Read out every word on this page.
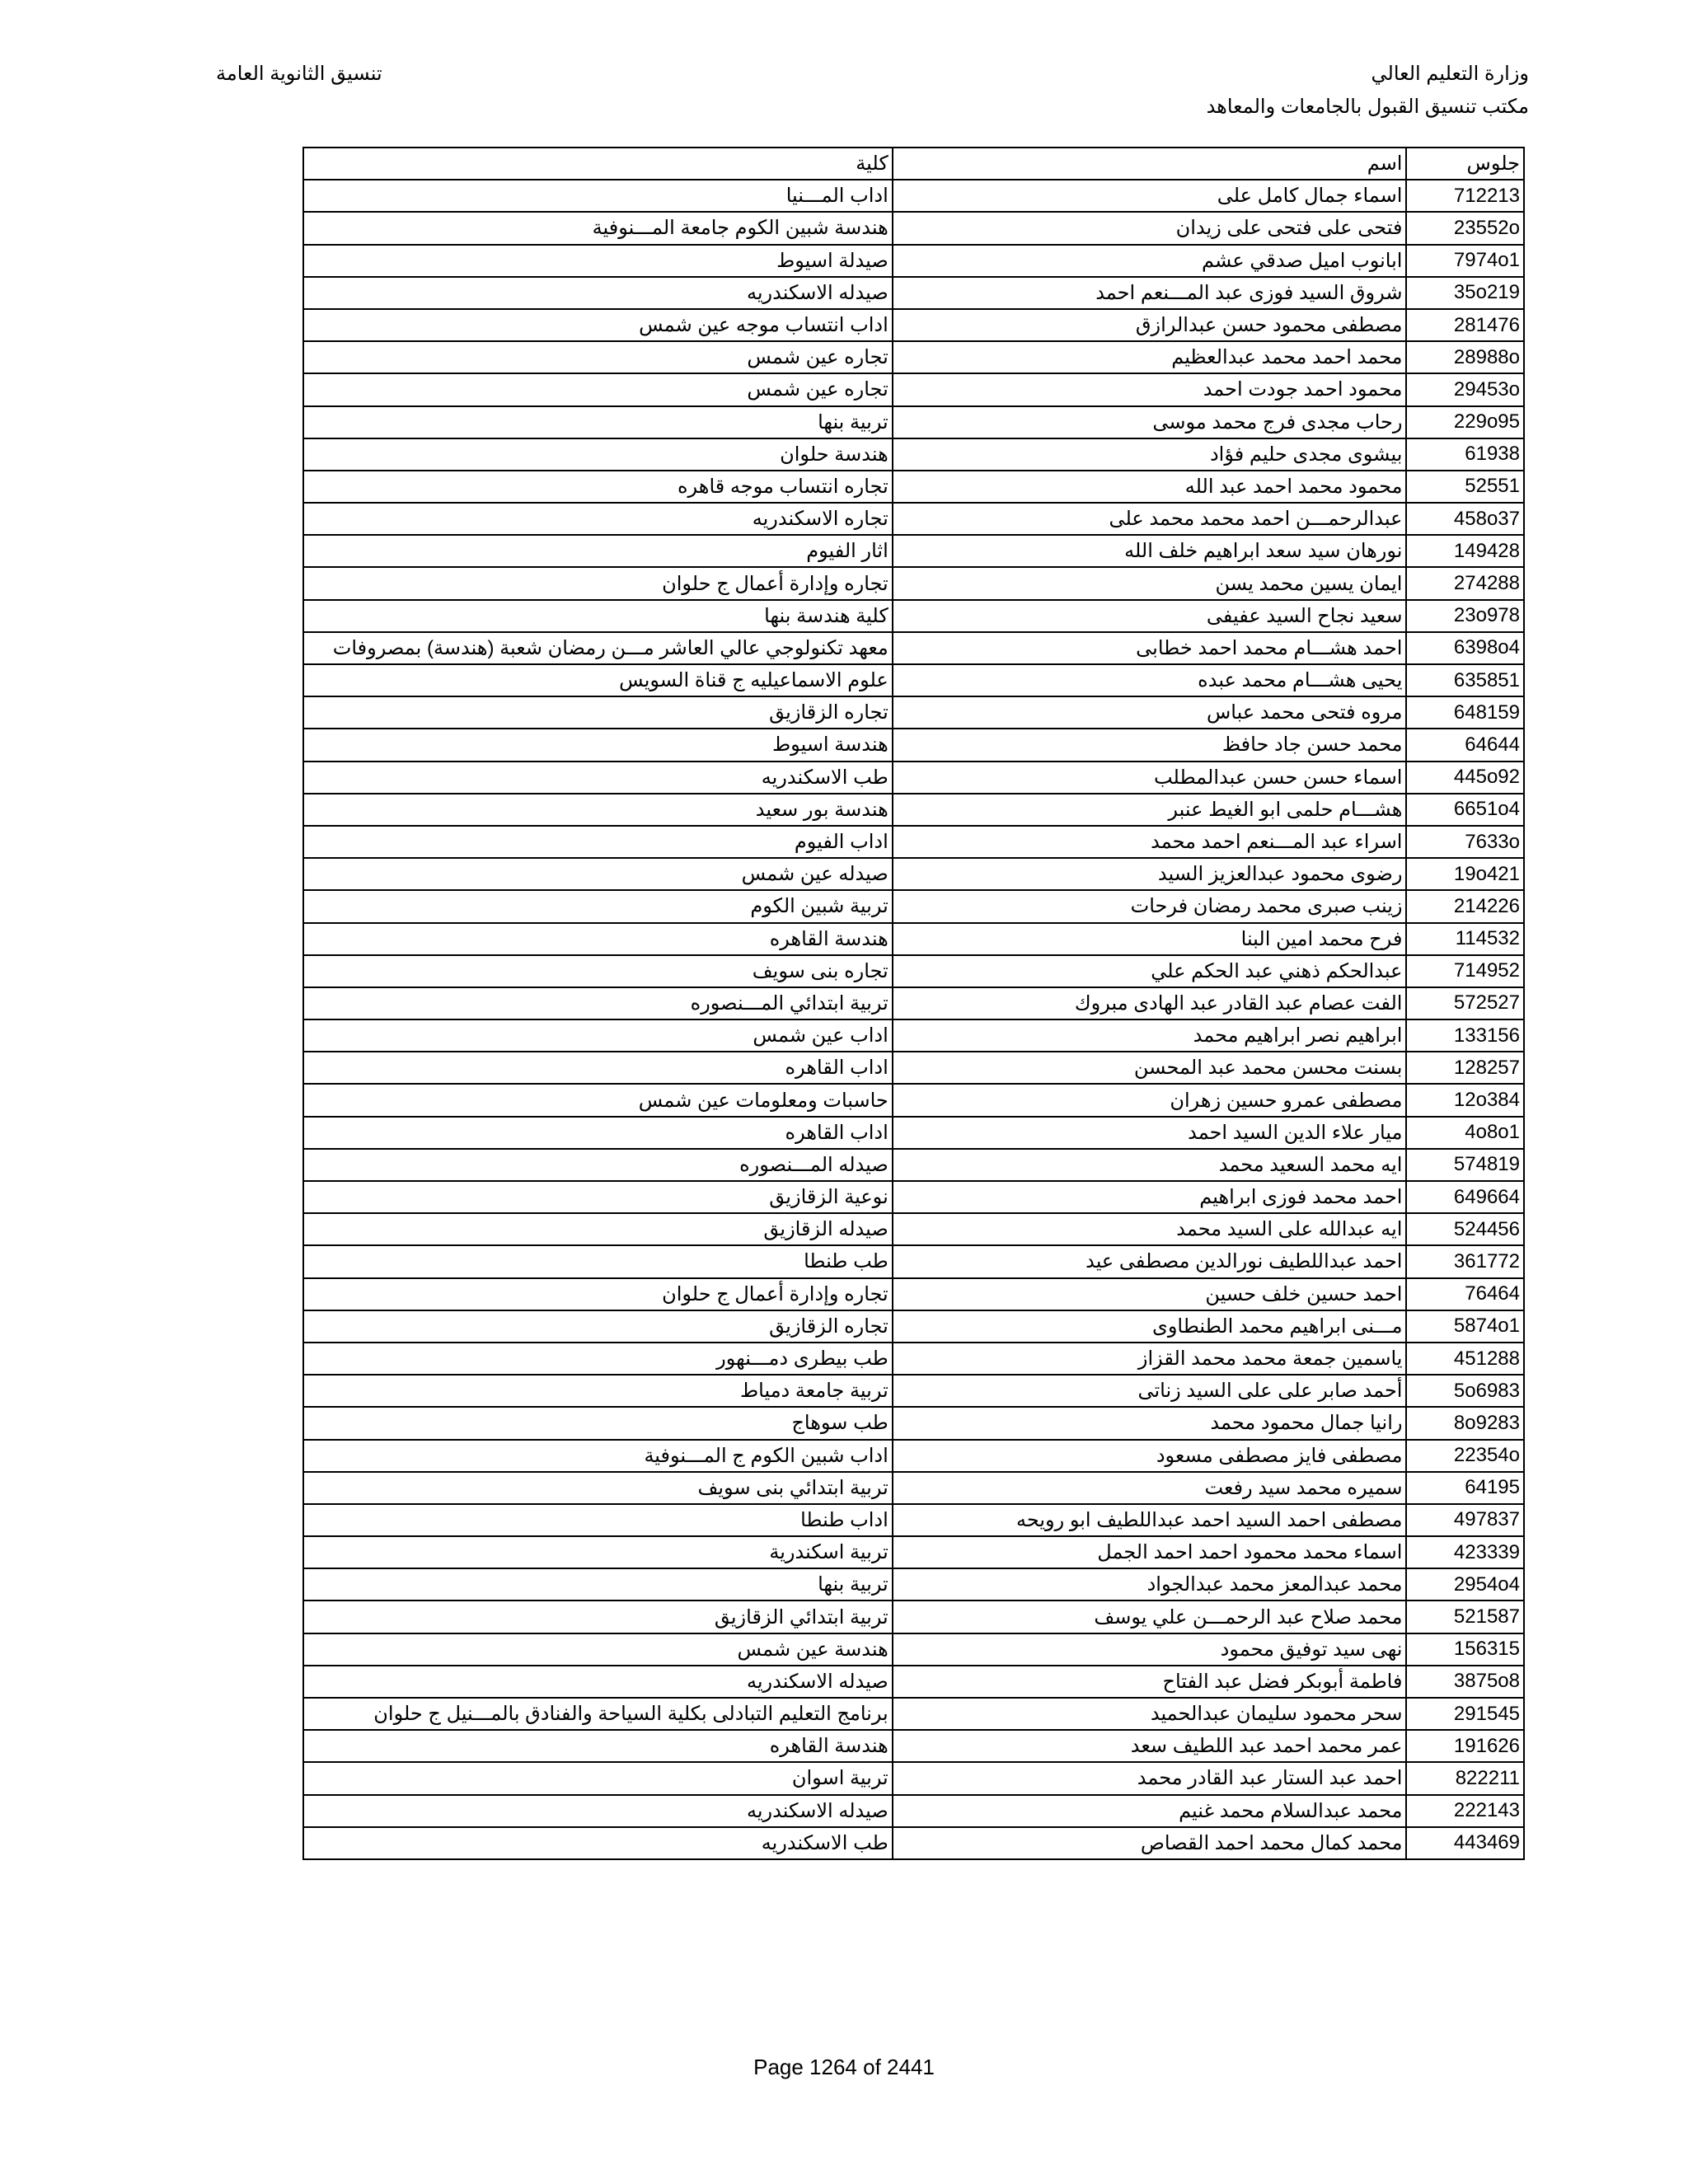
وزارة التعليم العالي
مكتب تنسيق القبول بالجامعات والمعاهد
تنسيق الثانوية العامة
جلوس	اسم	كلية
712213	اسماء جمال كامل على	اداب المـــنيا
23552o	فتحى على فتحى على زيدان	هندسة شبين الكوم جامعة المـــنوفية
7974o1	ابانوب اميل صدقي عشم	صيدلة اسيوط
35o219	شروق السيد فوزى عبد المـــنعم احمد	صيدله الاسكندريه
281476	مصطفى محمود حسن عبدالرازق	اداب انتساب موجه عين شمس
28988o	محمد احمد محمد عبدالعظيم	تجاره عين شمس
29453o	محمود احمد جودت احمد	تجاره عين شمس
229o95	رحاب مجدى فرج محمد موسى	تربية بنها
61938	بيشوى مجدى حليم فؤاد	هندسة حلوان
52551	محمود محمد احمد عبد الله	تجاره انتساب موجه قاهره
458o37	عبدالرحمـــن احمد محمد محمد على	تجاره الاسكندريه
149428	نورهان سيد سعد ابراهيم خلف الله	اثار الفيوم
274288	ايمان يسين محمد يسن	تجاره وإدارة أعمال ج حلوان
23o978	سعيد نجاح السيد عفيفى	كلية هندسة بنها
6398o4	احمد هشـــام محمد احمد خطابى	معهد تكنولوجي عالي العاشر مـــن رمضان شعبة (هندسة) بمصروفات
635851	يحيى هشـــام محمد عبده	علوم الاسماعيليه ج قناة السويس
648159	مروه فتحى محمد عباس	تجاره الزقازيق
64644	محمد حسن جاد حافظ	هندسة اسيوط
445o92	اسماء حسن حسن عبدالمطلب	طب الاسكندريه
6651o4	هشـــام حلمى ابو الغيط عنبر	هندسة بور سعيد
7633o	اسراء عبد المـــنعم احمد محمد	اداب الفيوم
19o421	رضوى محمود عبدالعزيز السيد	صيدله عين شمس
214226	زينب صبرى محمد رمضان فرحات	تربية شبين الكوم
114532	فرح محمد امين البنا	هندسة القاهره
714952	عبدالحكم ذهني عبد الحكم علي	تجاره بنى سويف
572527	الفت عصام عبد القادر عبد الهادى مبروك	تربية ابتدائي المـــنصوره
133156	ابراهيم نصر ابراهيم محمد	اداب عين شمس
128257	بسنت محسن محمد عبد المحسن	اداب القاهره
12o384	مصطفى عمرو حسين زهران	حاسبات ومعلومات عين شمس
4o8o1	ميار علاء الدين السيد احمد	اداب القاهره
574819	ايه محمد السعيد محمد	صيدله المـــنصوره
649664	احمد محمد فوزى ابراهيم	نوعية الزقازيق
524456	ايه عبدالله على السيد محمد	صيدله الزقازيق
361772	احمد عبداللطيف نورالدين مصطفى عيد	طب طنطا
76464	احمد حسين خلف حسين	تجاره وإدارة أعمال ج حلوان
5874o1	مـــنى ابراهيم محمد الطنطاوى	تجاره الزقازيق
451288	ياسمين جمعة محمد محمد القزاز	طب بيطرى دمـــنهور
5o6983	أحمد صابر على على السيد زناتى	تربية جامعة دمياط
8o9283	رانيا جمال محمود محمد	طب سوهاج
22354o	مصطفى فايز مصطفى مسعود	اداب شبين الكوم ج المـــنوفية
64195	سميره محمد سيد رفعت	تربية ابتدائي بنى سويف
497837	مصطفى احمد السيد احمد عبداللطيف ابو رويحه	اداب طنطا
423339	اسماء محمد محمود احمد احمد الجمل	تربية اسكندرية
2954o4	محمد عبدالمعز محمد عبدالجواد	تربية بنها
521587	محمد صلاح عبد الرحمـــن علي يوسف	تربية ابتدائي الزقازيق
156315	نهى سيد توفيق محمود	هندسة عين شمس
3875o8	فاطمة أبوبكر فضل عبد الفتاح	صيدله الاسكندريه
291545	سحر محمود سليمان عبدالحميد	برنامج التعليم التبادلى بكلية السياحة والفنادق بالمـــنيل ج حلوان
191626	عمر محمد احمد عبد اللطيف سعد	هندسة القاهره
822211	احمد عبد الستار عبد القادر محمد	تربية اسوان
222143	محمد عبدالسلام محمد غنيم	صيدله الاسكندريه
443469	محمد كمال محمد احمد القصاص	طب الاسكندريه
Page 1264 of 2441
